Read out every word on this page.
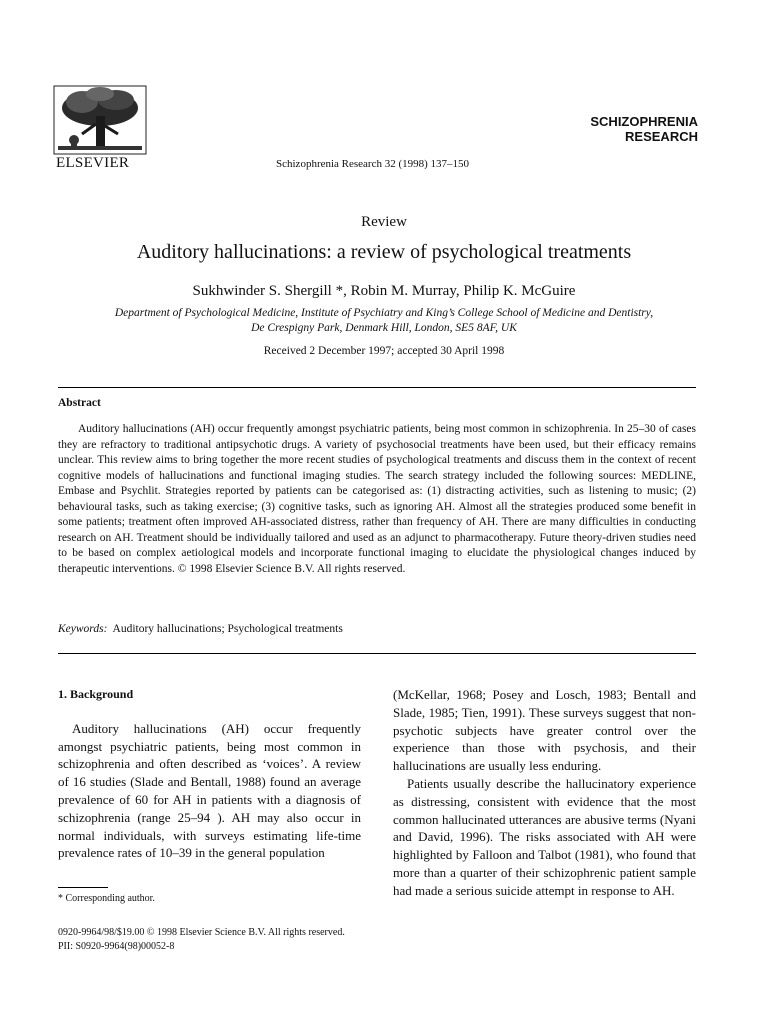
ELSEVIER	Schizophrenia Research 32 (1998) 137–150
SCHIZOPHRENIA
RESEARCH
Review
Auditory hallucinations: a review of psychological treatments
Sukhwinder S. Shergill *, Robin M. Murray, Philip K. McGuire
Department of Psychological Medicine, Institute of Psychiatry and King’s College School of Medicine and Dentistry,
De Crespigny Park, Denmark Hill, London, SE5 8AF, UK
Received 2 December 1997; accepted 30 April 1998
Abstract

Auditory hallucinations (AH) occur frequently amongst psychiatric patients, being most common in schizophrenia. In 25–30 of cases they are refractory to traditional antipsychotic drugs. A variety of psychosocial treatments have been used, but their efficacy remains unclear. This review aims to bring together the more recent studies of psychological treatments and discuss them in the context of recent cognitive models of hallucinations and functional imaging studies. The search strategy included the following sources: MEDLINE, Embase and Psychlit. Strategies reported by patients can be categorised as: (1) distracting activities, such as listening to music; (2) behavioural tasks, such as taking exercise; (3) cognitive tasks, such as ignoring AH. Almost all the strategies produced some benefit in some patients; treatment often improved AH-associated distress, rather than frequency of AH. There are many difficulties in conducting research on AH. Treatment should be individually tailored and used as an adjunct to pharmacotherapy. Future theory-driven studies need to be based on complex aetiological models and incorporate functional imaging to elucidate the physiological changes induced by therapeutic interventions. © 1998 Elsevier Science B.V. All rights reserved.

Keywords: Auditory hallucinations; Psychological treatments
1. Background

Auditory hallucinations (AH) occur frequently amongst psychiatric patients, being most common in schizophrenia and often described as ‘voices’. A review of 16 studies (Slade and Bentall, 1988) found an average prevalence of 60 for AH in patients with a diagnosis of schizophrenia (range 25–94 ). AH may also occur in normal individuals, with surveys estimating life-time prevalence rates of 10–39 in the general population

(McKellar, 1968; Posey and Losch, 1983; Bentall and Slade, 1985; Tien, 1991). These surveys suggest that non-psychotic subjects have greater control over the experience than those with psychosis, and their hallucinations are usually less enduring.

Patients usually describe the hallucinatory experience as distressing, consistent with evidence that the most common hallucinated utterances are abusive terms (Nyani and David, 1996). The risks associated with AH were highlighted by Falloon and Talbot (1981), who found that more than a quarter of their schizophrenic patient sample had made a serious suicide attempt in response to AH.

* Corresponding author.
0920-9964/98/$19.00 © 1998 Elsevier Science B.V. All rights reserved.
PII: S0920-9964(98)00052-8
